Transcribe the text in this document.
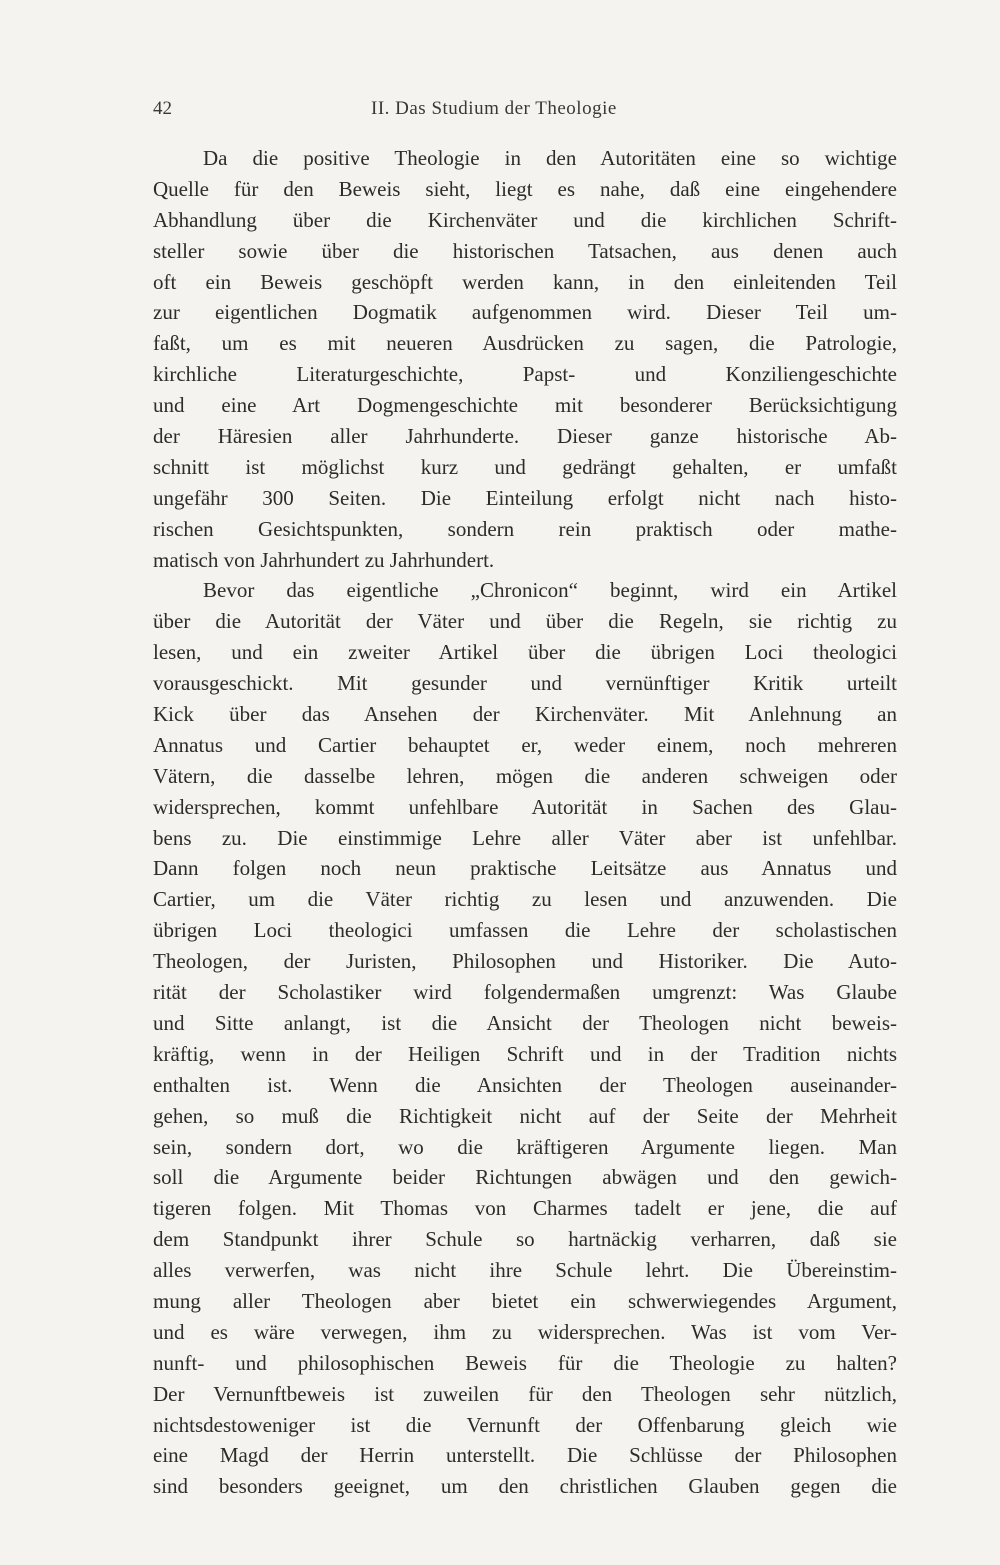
42	II. Das Studium der Theologie
Da die positive Theologie in den Autoritäten eine so wichtige
Quelle für den Beweis sieht, liegt es nahe, daß eine eingehendere
Abhandlung über die Kirchenväter und die kirchlichen Schrift-
steller sowie über die historischen Tatsachen, aus denen auch
oft ein Beweis geschöpft werden kann, in den einleitenden Teil
zur eigentlichen Dogmatik aufgenommen wird. Dieser Teil um-
faßt, um es mit neueren Ausdrücken zu sagen, die Patrologie,
kirchliche Literaturgeschichte, Papst- und Konziliengeschichte
und eine Art Dogmengeschichte mit besonderer Berücksichtigung
der Häresien aller Jahrhunderte. Dieser ganze historische Ab-
schnitt ist möglichst kurz und gedrängt gehalten, er umfaßt
ungefähr 300 Seiten. Die Einteilung erfolgt nicht nach histo-
rischen Gesichtspunkten, sondern rein praktisch oder mathe-
matisch von Jahrhundert zu Jahrhundert.
Bevor das eigentliche „Chronicon“ beginnt, wird ein Artikel
über die Autorität der Väter und über die Regeln, sie richtig zu
lesen, und ein zweiter Artikel über die übrigen Loci theologici
vorausgeschickt. Mit gesunder und vernünftiger Kritik urteilt
Kick über das Ansehen der Kirchenväter. Mit Anlehnung an
Annatus und Cartier behauptet er, weder einem, noch mehreren
Vätern, die dasselbe lehren, mögen die anderen schweigen oder
widersprechen, kommt unfehlbare Autorität in Sachen des Glau-
bens zu. Die einstimmige Lehre aller Väter aber ist unfehlbar.
Dann folgen noch neun praktische Leitsätze aus Annatus und
Cartier, um die Väter richtig zu lesen und anzuwenden. Die
übrigen Loci theologici umfassen die Lehre der scholastischen
Theologen, der Juristen, Philosophen und Historiker. Die Auto-
rität der Scholastiker wird folgendermaßen umgrenzt: Was Glaube
und Sitte anlangt, ist die Ansicht der Theologen nicht beweis-
kräftig, wenn in der Heiligen Schrift und in der Tradition nichts
enthalten ist. Wenn die Ansichten der Theologen auseinander-
gehen, so muß die Richtigkeit nicht auf der Seite der Mehrheit
sein, sondern dort, wo die kräftigeren Argumente liegen. Man
soll die Argumente beider Richtungen abwägen und den gewich-
tigeren folgen. Mit Thomas von Charmes tadelt er jene, die auf
dem Standpunkt ihrer Schule so hartnäckig verharren, daß sie
alles verwerfen, was nicht ihre Schule lehrt. Die Übereinstim-
mung aller Theologen aber bietet ein schwerwiegendes Argument,
und es wäre verwegen, ihm zu widersprechen. Was ist vom Ver-
nunft- und philosophischen Beweis für die Theologie zu halten?
Der Vernunftbeweis ist zuweilen für den Theologen sehr nützlich,
nichtsdestoweniger ist die Vernunft der Offenbarung gleich wie
eine Magd der Herrin unterstellt. Die Schlüsse der Philosophen
sind besonders geeignet, um den christlichen Glauben gegen die
